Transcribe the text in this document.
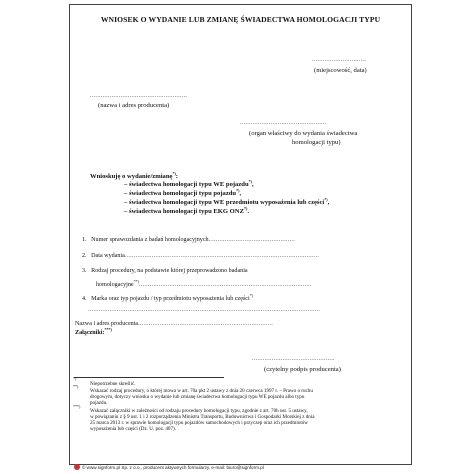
WNIOSEK O WYDANIE LUB ZMIANĘ ŚWIADECTWA HOMOLOGACJI TYPU
..............................
(miejscowość, data)
......................................................
(nazwa i adres producenta)
................................................
(organ właściwy do wydania świadectwa
homologacji typu)
Wnioskuję o wydanie/zmianę*):
– świadectwa homologacji typu WE pojazdu*),
– świadectwa homologacji typu pojazdu*),
– świadectwa homologacji typu WE przedmiotu wyposażenia lub części*),
– świadectwa homologacji typu EKG ONZ*).
1. Numer sprawozdania z badań homologacyjnych................................................
2. Data wydania............................................................................................................
3. Rodzaj procedury, na podstawie której przeprowadzono badania
homologacyjne**)................................................................................................
4. Marka oraz typ pojazdu / typ przedmiotu wyposażenia lub części*)
.................................................................................................................................
Nazwa i adres producenta...........................................................................
Załączniki:***)
..............................................
(czytelny podpis producenta)
*)
Niepotrzebne skreślić.
**)
Wskazać rodzaj procedury, o której mowa w art. 70a pkt 2 ustawy z dnia 20 czerwca 1997 r. – Prawo o ruchu
drogowym, dotyczy wniosku o wydanie lub zmianę świadectwa homologacji typu WE pojazdu albo typu
pojazdu.
***)
Wskazać załączniki w zależności od rodzaju procedury homologacji typu, zgodnie z art. 70h ust. 5 ustawy,
w powiązaniu z § 9 ust. 1 i 2 rozporządzenia Ministra Transportu, Budownictwa i Gospodarki Morskiej z dnia
25 marca 2013 r. w sprawie homologacji typu pojazdów samochodowych i przyczep oraz ich przedmiotów
wyposażenia lub części (Dz. U. poz. 407).
© www.signform.pl Sp. z o.o., producent aktywnych formularzy, e-mail: biuro@signform.pl
